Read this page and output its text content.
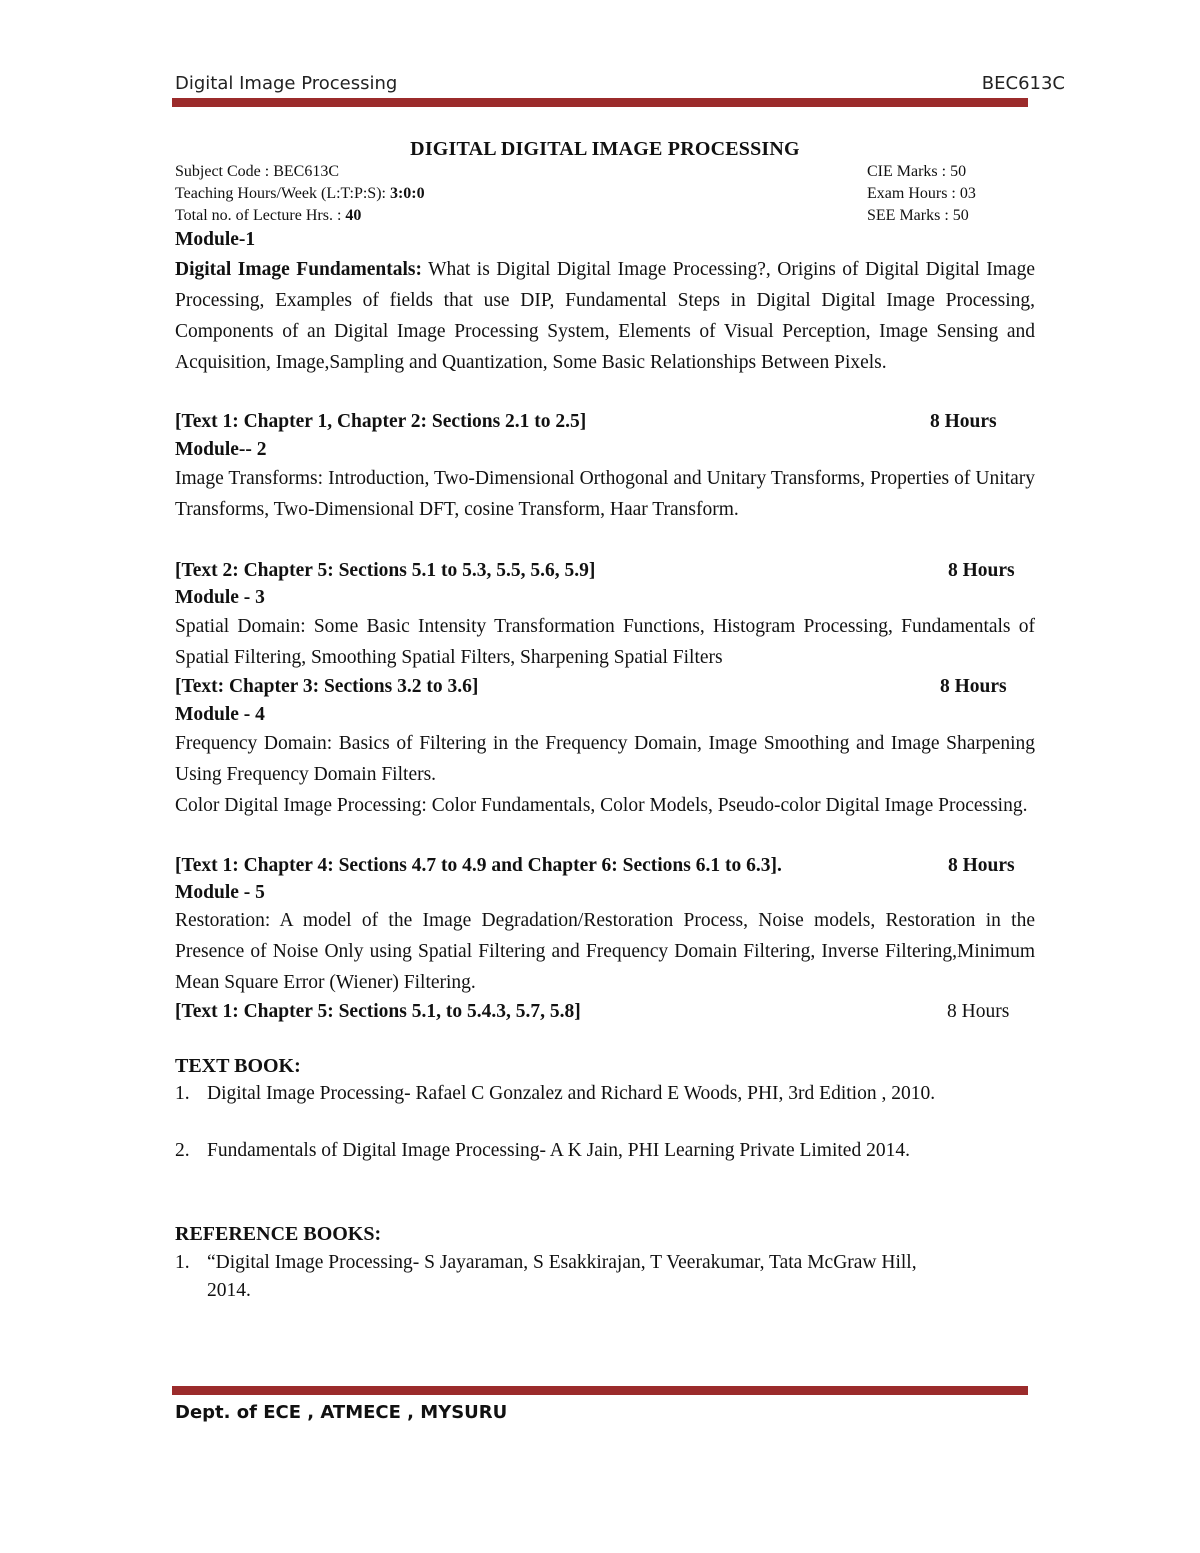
Digital Image Processing	BEC613C
DIGITAL DIGITAL IMAGE PROCESSING
Subject Code : BEC613C	CIE Marks : 50
Teaching Hours/Week (L:T:P:S): 3:0:0	Exam Hours : 03
Total no. of Lecture Hrs. : 40	SEE Marks : 50
Module-1
Digital Image Fundamentals: What is Digital Digital Image Processing?, Origins of Digital Digital Image Processing, Examples of fields that use DIP, Fundamental Steps in Digital Digital Image Processing, Components of an Digital Image Processing System, Elements of Visual Perception, Image Sensing and Acquisition, Image,Sampling and Quantization, Some Basic Relationships Between Pixels.
[Text 1: Chapter 1, Chapter 2: Sections 2.1 to 2.5]	8 Hours
Module-- 2
Image Transforms: Introduction, Two-Dimensional Orthogonal and Unitary Transforms, Properties of Unitary Transforms, Two-Dimensional DFT, cosine Transform, Haar Transform.
[Text 2: Chapter 5: Sections 5.1 to 5.3, 5.5, 5.6, 5.9]	8 Hours
Module - 3
Spatial Domain: Some Basic Intensity Transformation Functions, Histogram Processing, Fundamentals of Spatial Filtering, Smoothing Spatial Filters, Sharpening Spatial Filters
[Text: Chapter 3: Sections 3.2 to 3.6]	8 Hours
Module - 4
Frequency Domain: Basics of Filtering in the Frequency Domain, Image Smoothing and Image Sharpening Using Frequency Domain Filters.
Color Digital Image Processing: Color Fundamentals, Color Models, Pseudo-color Digital Image Processing.
[Text 1: Chapter 4: Sections 4.7 to 4.9 and Chapter 6: Sections 6.1 to 6.3].	8 Hours
Module - 5
Restoration: A model of the Image Degradation/Restoration Process, Noise models, Restoration in the Presence of Noise Only using Spatial Filtering and Frequency Domain Filtering, Inverse Filtering,Minimum Mean Square Error (Wiener) Filtering.
[Text 1: Chapter 5: Sections 5.1, to 5.4.3, 5.7, 5.8]	8 Hours
TEXT BOOK:
1. Digital Image Processing- Rafael C Gonzalez and Richard E Woods, PHI, 3rd Edition , 2010.
2. Fundamentals of Digital Image Processing- A K Jain, PHI Learning Private Limited 2014.
REFERENCE BOOKS:
1. “Digital Image Processing- S Jayaraman, S Esakkirajan, T Veerakumar, Tata McGraw Hill, 2014.
Dept. of ECE , ATMECE , MYSURU
